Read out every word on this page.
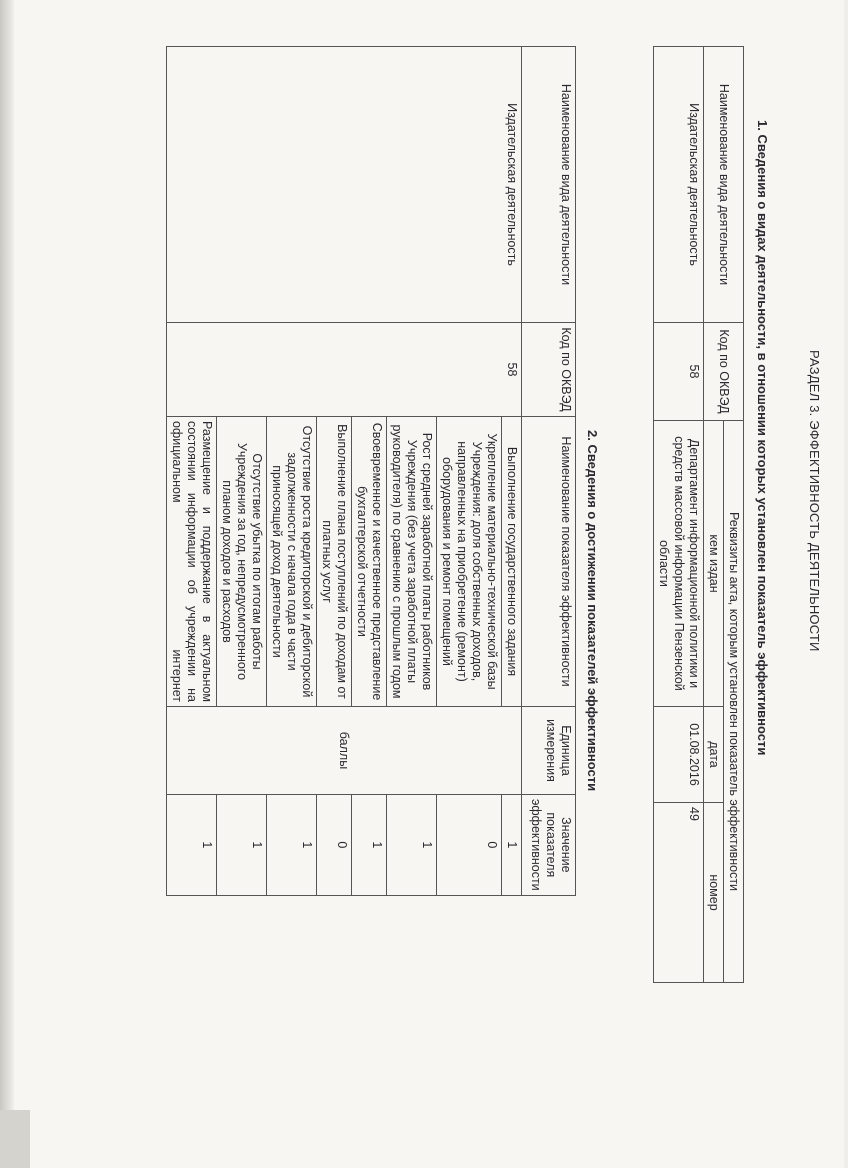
РАЗДЕЛ 3. ЭФФЕКТИВНОСТЬ ДЕЯТЕЛЬНОСТИ
1. Сведения о видах деятельности, в отношении которых установлен показатель эффективности
Наименование вида деятельности	Код по ОКВЭД	Реквизиты акта, которым установлен показатель эффективности		
		кем издан	дата	номер
Издательская деятельность	58	Департамент информационной политики и средств массовой информации Пензенской области	01.08.2016	49
2. Сведения о достижении показателей эффективности
Наименование вида деятельности	Код по ОКВЭД	Наименование показателя эффективности	Единица измерения	Значение показателя эффективности
Издательская деятельность	58	Выполнение государственного задания	баллы	1
		Укрепление материально-технической базы Учреждения: доля собственных доходов, направленных на приобретение (ремонт) оборудования и ремонт помещений		0
		Рост средней заработной платы работников Учреждения (без учета заработной платы руководителя) по сравнению с прошлым годом		1
		Своевременное и качественное представление бухгалтерской отчетности		1
		Выполнение плана поступлений по доходам от платных услуг		0
		Отсутствие роста кредиторской и дебиторской задолженности с начала года в части приносящей доход деятельности		1
		Отсутствие убытка по итогам работы Учреждения за год, непредусмотренного планом доходов и расходов		1
		Размещение и поддержание в актуальном состоянии информации об учреждении на официальном интернет		1
